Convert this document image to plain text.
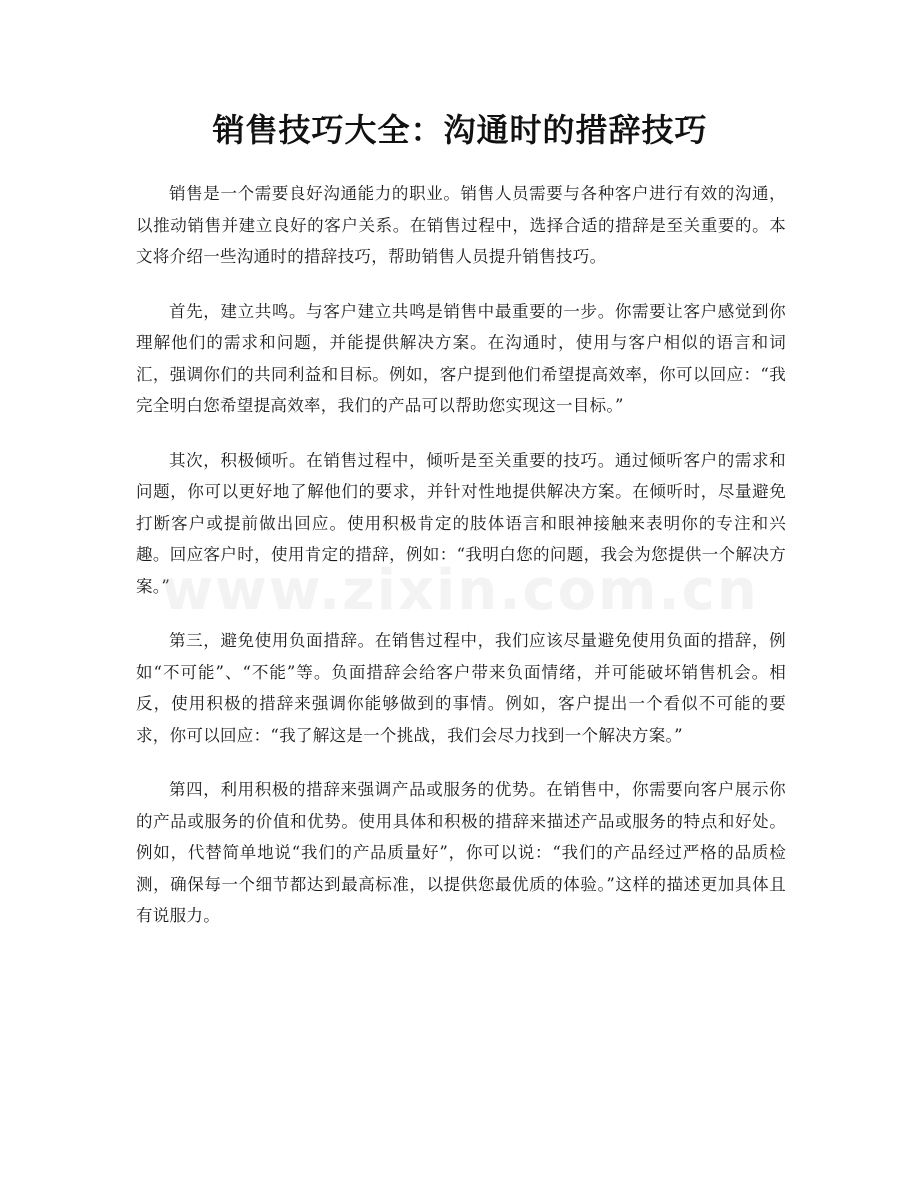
销售技巧大全：沟通时的措辞技巧

销售是一个需要良好沟通能力的职业。销售人员需要与各种客户进行有效的沟通，以推动销售并建立良好的客户关系。在销售过程中，选择合适的措辞是至关重要的。本文将介绍一些沟通时的措辞技巧，帮助销售人员提升销售技巧。

首先，建立共鸣。与客户建立共鸣是销售中最重要的一步。你需要让客户感觉到你理解他们的需求和问题，并能提供解决方案。在沟通时，使用与客户相似的语言和词汇，强调你们的共同利益和目标。例如，客户提到他们希望提高效率，你可以回应：“我完全明白您希望提高效率，我们的产品可以帮助您实现这一目标。”

其次，积极倾听。在销售过程中，倾听是至关重要的技巧。通过倾听客户的需求和问题，你可以更好地了解他们的要求，并针对性地提供解决方案。在倾听时，尽量避免打断客户或提前做出回应。使用积极肯定的肢体语言和眼神接触来表明你的专注和兴趣。回应客户时，使用肯定的措辞，例如：“我明白您的问题，我会为您提供一个解决方案。”

第三，避免使用负面措辞。在销售过程中，我们应该尽量避免使用负面的措辞，例如“不可能”、“不能”等。负面措辞会给客户带来负面情绪，并可能破坏销售机会。相反，使用积极的措辞来强调你能够做到的事情。例如，客户提出一个看似不可能的要求，你可以回应：“我了解这是一个挑战，我们会尽力找到一个解决方案。”

第四，利用积极的措辞来强调产品或服务的优势。在销售中，你需要向客户展示你的产品或服务的价值和优势。使用具体和积极的措辞来描述产品或服务的特点和好处。例如，代替简单地说“我们的产品质量好”，你可以说：“我们的产品经过严格的品质检测，确保每一个细节都达到最高标准，以提供您最优质的体验。”这样的描述更加具体且有说服力。

www.zixin.com.cn
